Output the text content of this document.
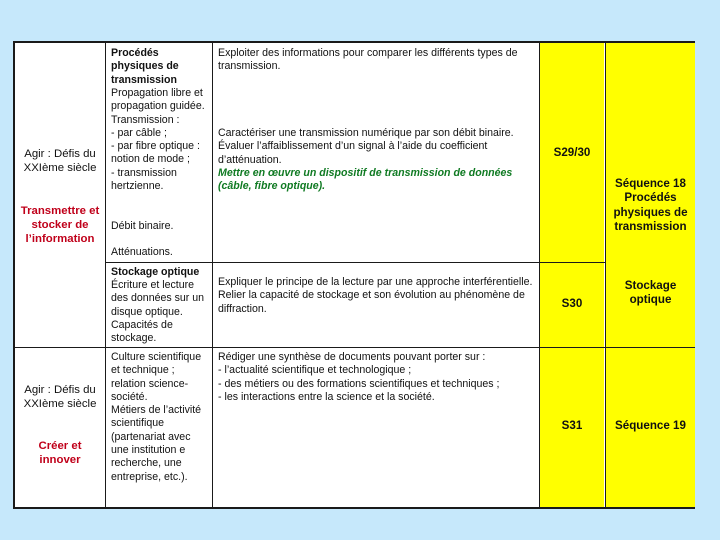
Agir : Défis du XXIème siècle
Transmettre et stocker de l’information
Procédés physiques de transmission
Propagation libre et propagation guidée.
Transmission :
- par câble ;
- par fibre optique : notion de mode ;
- transmission hertzienne.
Débit binaire.
Atténuations.
Exploiter des informations pour comparer les différents types de transmission.
Caractériser une transmission numérique par son débit binaire.
Évaluer l’affaiblissement d’un signal à l’aide du coefficient d’atténuation.
Mettre en œuvre un dispositif de transmission de données (câble, fibre optique).
S29/30
Séquence 18 Procédés physiques de transmission
Stockage optique
Écriture et lecture des données sur un disque optique. Capacités de stockage.
Expliquer le principe de la lecture par une approche interférentielle.
Relier la capacité de stockage et son évolution au phénomène de diffraction.	S30
Stockage optique
Agir : Défis du XXIème siècle
Créer et innover
Culture scientifique et technique ; relation science-société.
Métiers de l’activité scientifique (partenariat avec une institution e recherche, une entreprise, etc.).
Rédiger une synthèse de documents pouvant porter sur :
- l’actualité scientifique et technologique ;
- des métiers ou des formations scientifiques et techniques ;
- les interactions entre la science et la société.
S31	Séquence 19
